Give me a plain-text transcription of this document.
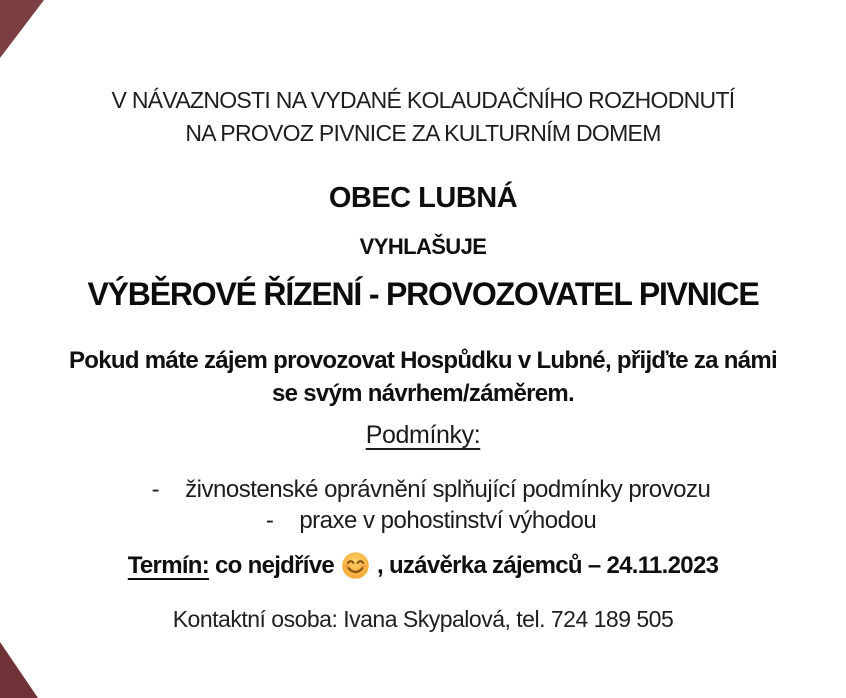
V NÁVAZNOSTI NA VYDANÉ KOLAUDAČNÍHO ROZHODNUTÍ
NA PROVOZ PIVNICE ZA KULTURNÍM DOMEM
OBEC LUBNÁ
VYHLAŠUJE
VÝBĚROVÉ ŘÍZENÍ - PROVOZOVATEL PIVNICE
Pokud máte zájem provozovat Hospůdku v Lubné, přijďte za námi
se svým návrhem/záměrem.
Podmínky:
- živnostenské oprávnění splňující podmínky provozu
- praxe v pohostinství výhodou
Termín: co nejdříve , uzávěrka zájemců – 24.11.2023
Kontaktní osoba: Ivana Skypalová, tel. 724 189 505
